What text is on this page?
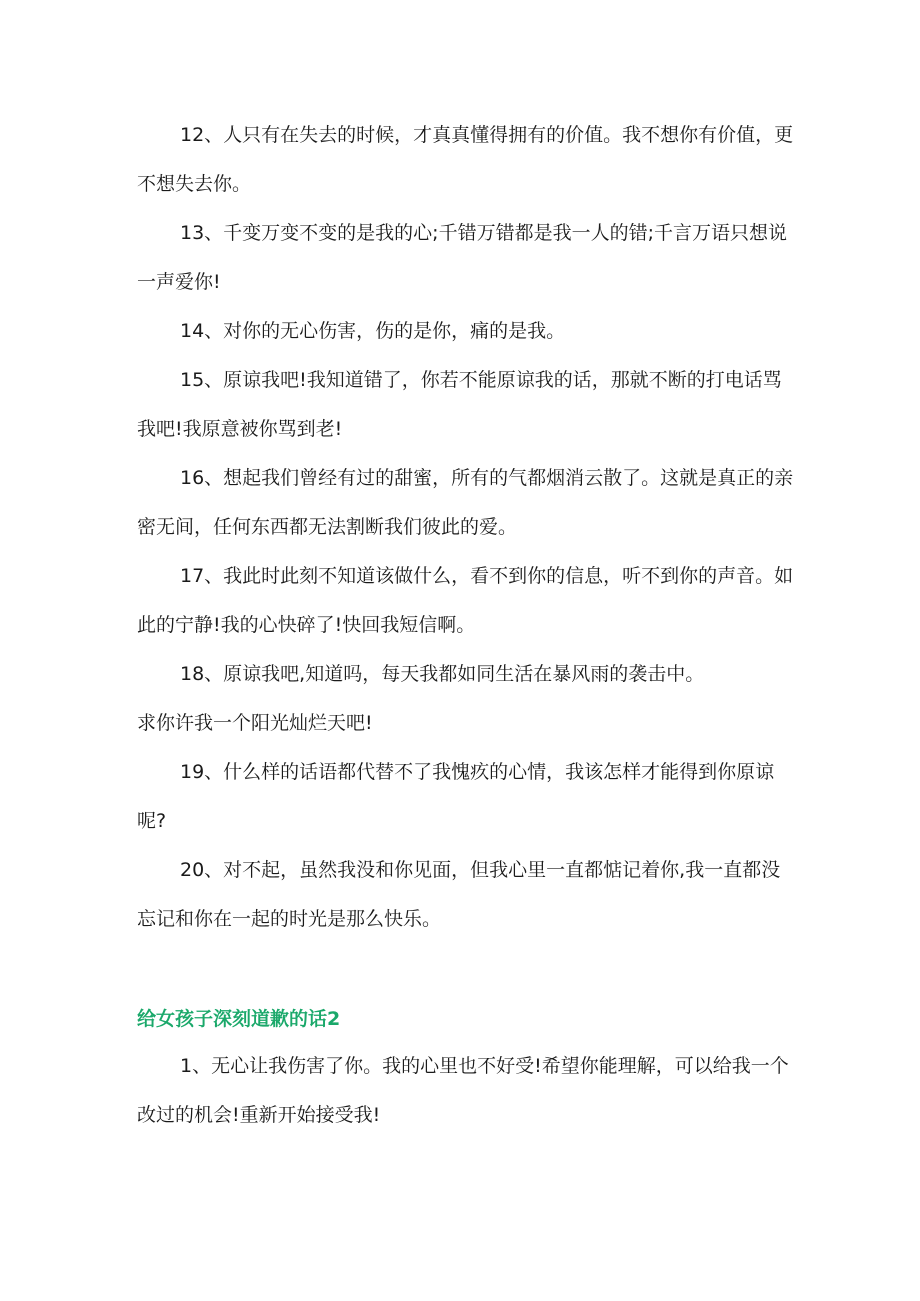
12、人只有在失去的时候，才真真懂得拥有的价值。我不想你有价值，更不想失去你。

13、千变万变不变的是我的心;千错万错都是我一人的错;千言万语只想说一声爱你!

14、对你的无心伤害，伤的是你，痛的是我。

15、原谅我吧!我知道错了，你若不能原谅我的话，那就不断的打电话骂我吧!我原意被你骂到老!

16、想起我们曾经有过的甜蜜，所有的气都烟消云散了。这就是真正的亲密无间，任何东西都无法割断我们彼此的爱。

17、我此时此刻不知道该做什么，看不到你的信息，听不到你的声音。如此的宁静!我的心快碎了!快回我短信啊。

18、原谅我吧,知道吗，每天我都如同生活在暴风雨的袭击中。

求你许我一个阳光灿烂天吧!

19、什么样的话语都代替不了我愧疚的心情，我该怎样才能得到你原谅呢?

20、对不起，虽然我没和你见面，但我心里一直都惦记着你,我一直都没忘记和你在一起的时光是那么快乐。

给女孩子深刻道歉的话2

1、无心让我伤害了你。我的心里也不好受!希望你能理解，可以给我一个改过的机会!重新开始接受我!
